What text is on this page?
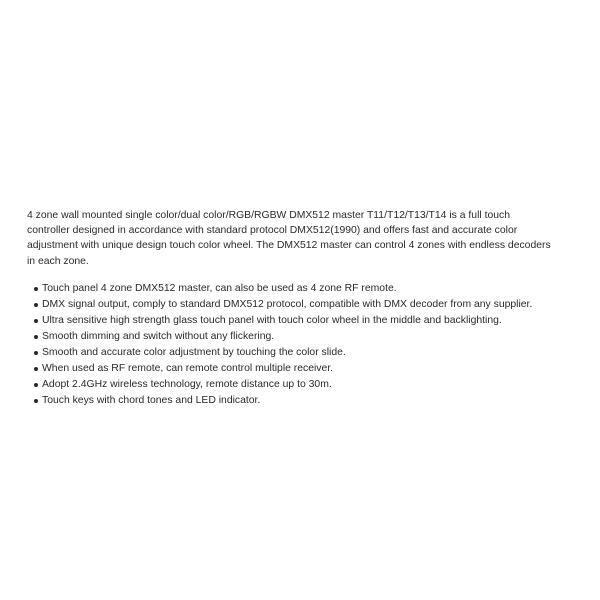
4 zone wall mounted single color/dual color/RGB/RGBW DMX512 master T11/T12/T13/T14 is a full touch
controller designed in accordance with standard protocol DMX512(1990) and offers fast and accurate color
adjustment with unique design touch color wheel. The DMX512 master can control 4 zones with endless decoders
in each zone.
Touch panel 4 zone DMX512 master, can also be used as 4 zone RF remote.
DMX signal output, comply to standard DMX512 protocol, compatible with DMX decoder from any supplier.
Ultra sensitive high strength glass touch panel with touch color wheel in the middle and backlighting.
Smooth dimming and switch without any flickering.
Smooth and accurate color adjustment by touching the color slide.
When used as RF remote, can remote control multiple receiver.
Adopt 2.4GHz wireless technology, remote distance up to 30m.
Touch keys with chord tones and LED indicator.
